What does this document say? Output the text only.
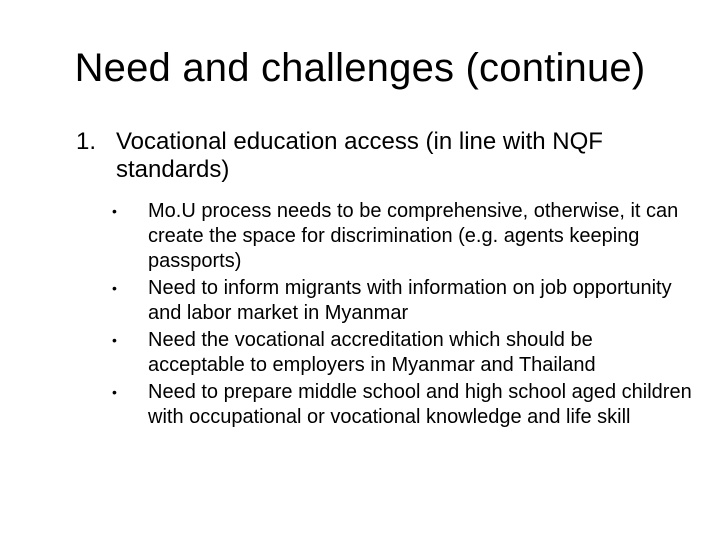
Need and challenges (continue)
1. Vocational education access (in line with NQF standards)
• Mo.U process needs to be comprehensive, otherwise, it can create the space for discrimination (e.g. agents keeping passports)
• Need to inform migrants with information on job opportunity and labor market in Myanmar
• Need the vocational accreditation which should be acceptable to employers in Myanmar and Thailand
• Need to prepare middle school and high school aged children with occupational or vocational knowledge and life skill
